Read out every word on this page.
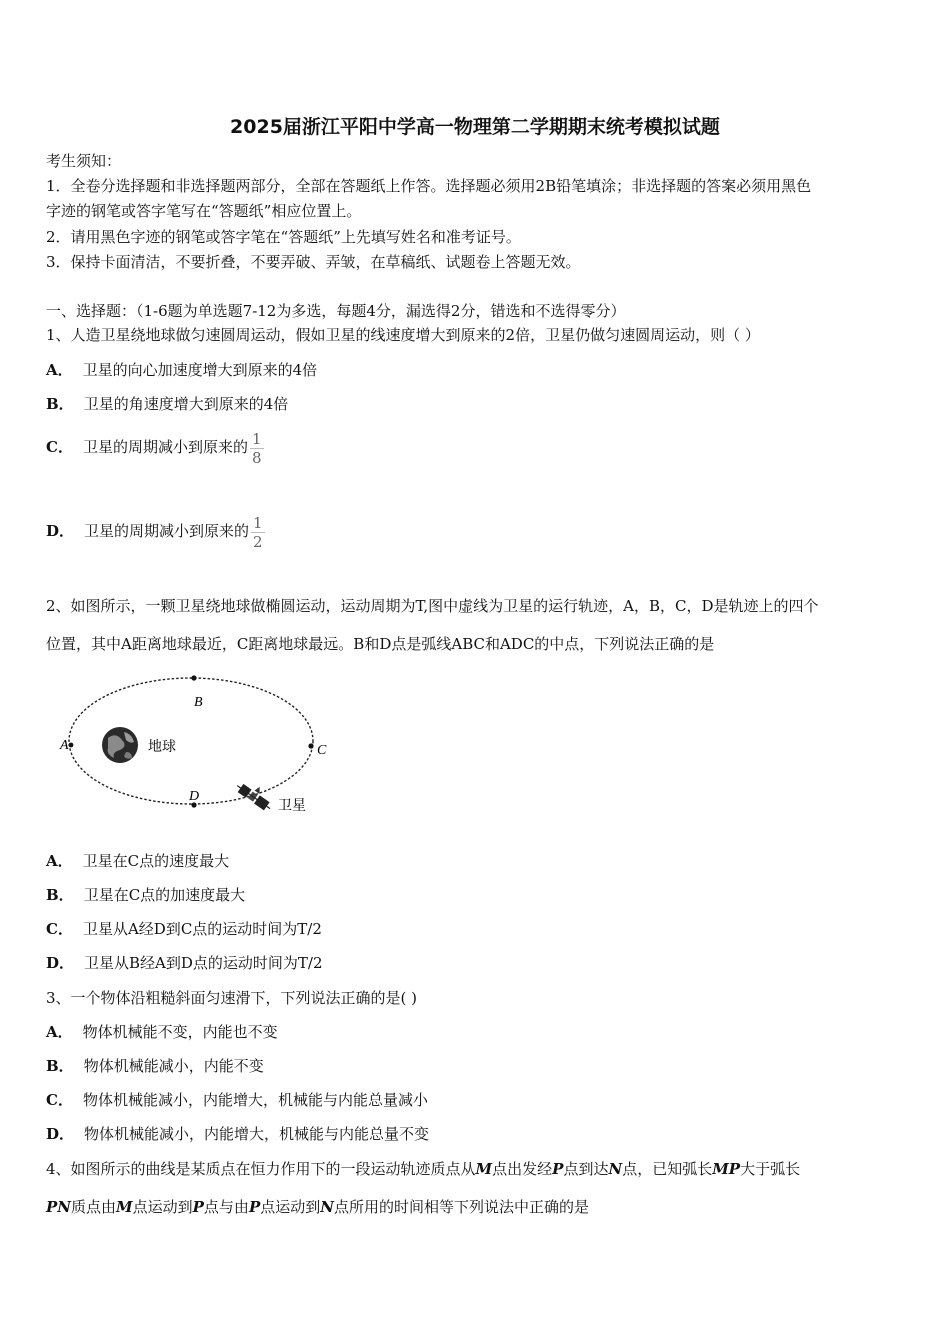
2025届浙江平阳中学高一物理第二学期期末统考模拟试题
考生须知：
1．全卷分选择题和非选择题两部分，全部在答题纸上作答。选择题必须用2B铅笔填涂；非选择题的答案必须用黑色
字迹的钢笔或答字笔写在“答题纸”相应位置上。
2．请用黑色字迹的钢笔或答字笔在“答题纸”上先填写姓名和准考证号。
3．保持卡面清洁，不要折叠，不要弄破、弄皱，在草稿纸、试题卷上答题无效。
一、选择题：（1-6题为单选题7-12为多选，每题4分，漏选得2分，错选和不选得零分）
1、人造卫星绕地球做匀速圆周运动，假如卫星的线速度增大到原来的2倍，卫星仍做匀速圆周运动，则（ ）
A． 卫星的向心加速度增大到原来的4倍
B． 卫星的角速度增大到原来的4倍
C． 卫星的周期减小到原来的 $\frac{1}{8}$
D． 卫星的周期减小到原来的 $\frac{1}{2}$
2、如图所示，一颗卫星绕地球做椭圆运动，运动周期为T,图中虚线为卫星的运行轨迹，A，B，C，D是轨迹上的四个
位置，其中A距离地球最近，C距离地球最远。B和D点是弧线ABC和ADC的中点，下列说法正确的是
A
B
C
D
地球
卫星
A． 卫星在C点的速度最大
B． 卫星在C点的加速度最大
C． 卫星从A经D到C点的运动时间为T/2
D． 卫星从B经A到D点的运动时间为T/2
3、一个物体沿粗糙斜面匀速滑下，下列说法正确的是( )
A． 物体机械能不变，内能也不变
B． 物体机械能减小，内能不变
C． 物体机械能减小，内能增大，机械能与内能总量减小
D． 物体机械能减小，内能增大，机械能与内能总量不变
4、如图所示的曲线是某质点在恒力作用下的一段运动轨迹质点从M点出发经P点到达N点，已知弧长MP大于弧长
PN质点由M点运动到P点与由P点运动到N点所用的时间相等下列说法中正确的是
